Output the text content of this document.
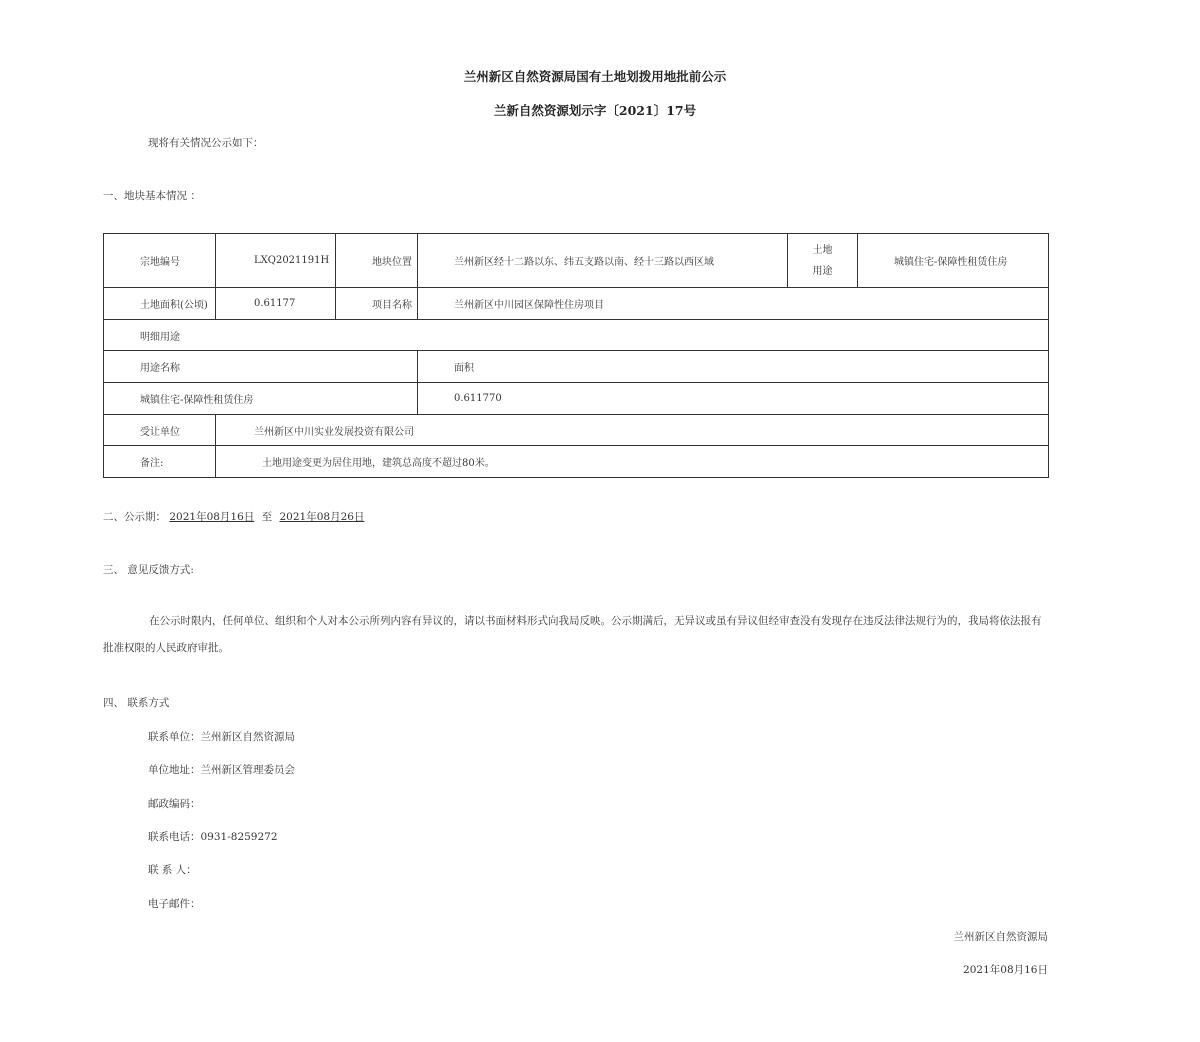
兰州新区自然资源局国有土地划拨用地批前公示
兰新自然资源划示字〔2021〕17号
现将有关情况公示如下：
一、地块基本情况 ：
宗地编号	LXQ2021191H	地块位置	兰州新区经十二路以东、纬五支路以南、经十三路以西区域	土地
用途	城镇住宅-保障性租赁住房
土地面积(公顷)	0.61177	项目名称	兰州新区中川园区保障性住房项目		
明细用途					
用途名称			面积		
城镇住宅-保障性租赁住房			0.611770		
受让单位	兰州新区中川实业发展投资有限公司				
备注:	土地用途变更为居住用地，建筑总高度不超过80米。				
二、公示期： 2021年08月16日 至 2021年08月26日
三、 意见反馈方式:

在公示时限内，任何单位、组织和个人对本公示所列内容有异议的，请以书面材料形式向我局反映。公示期满后，无异议或虽有异议但经审查没有发现存在违反法律法规行为的，我局将依法报有批准权限的人民政府审批。

四、 联系方式
联系单位：兰州新区自然资源局
单位地址：兰州新区管理委员会
邮政编码：
联系电话：0931-8259272
联 系 人：
电子邮件：
兰州新区自然资源局
2021年08月16日
